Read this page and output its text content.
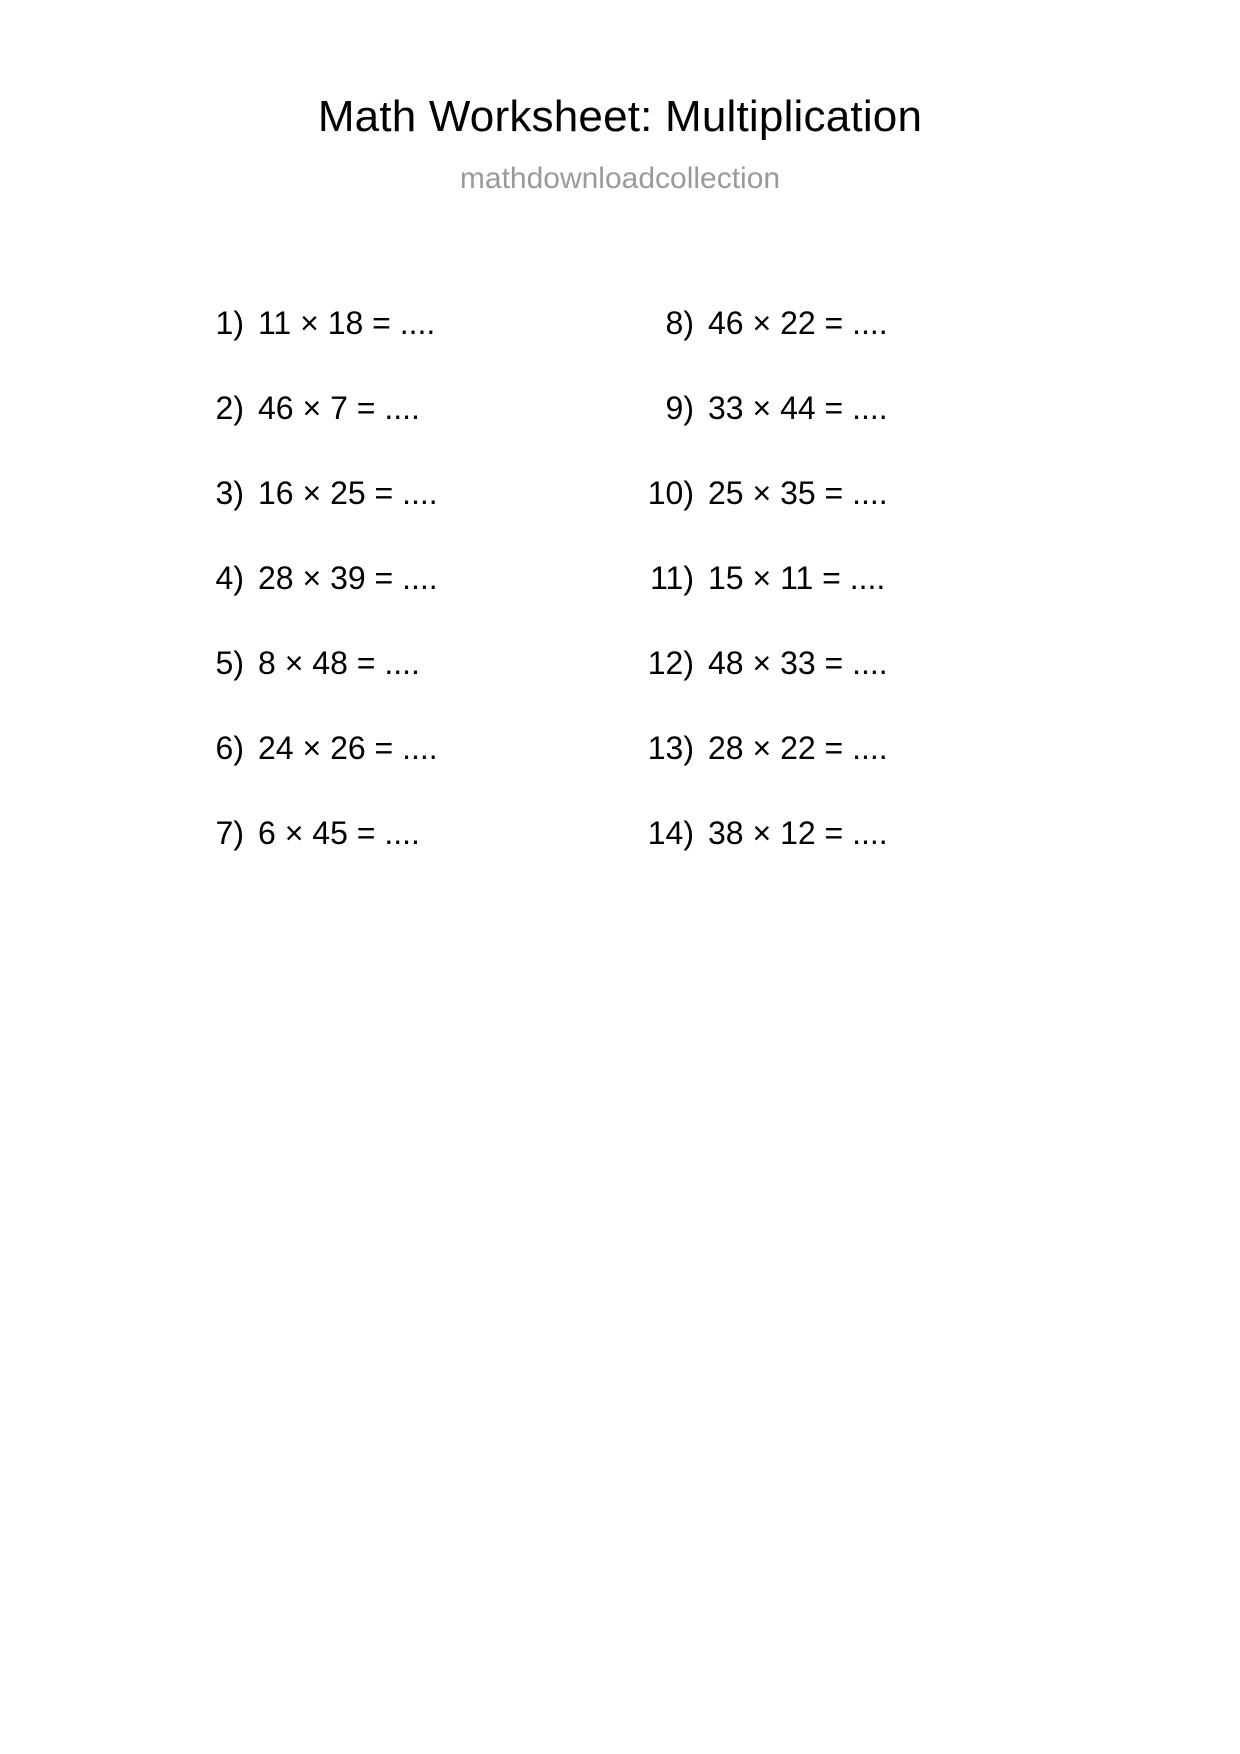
Math Worksheet: Multiplication
mathdownloadcollection
1) 11 × 18 = ....
2) 46 × 7 = ....
3) 16 × 25 = ....
4) 28 × 39 = ....
5) 8 × 48 = ....
6) 24 × 26 = ....
7) 6 × 45 = ....
8) 46 × 22 = ....
9) 33 × 44 = ....
10) 25 × 35 = ....
11) 15 × 11 = ....
12) 48 × 33 = ....
13) 28 × 22 = ....
14) 38 × 12 = ....
